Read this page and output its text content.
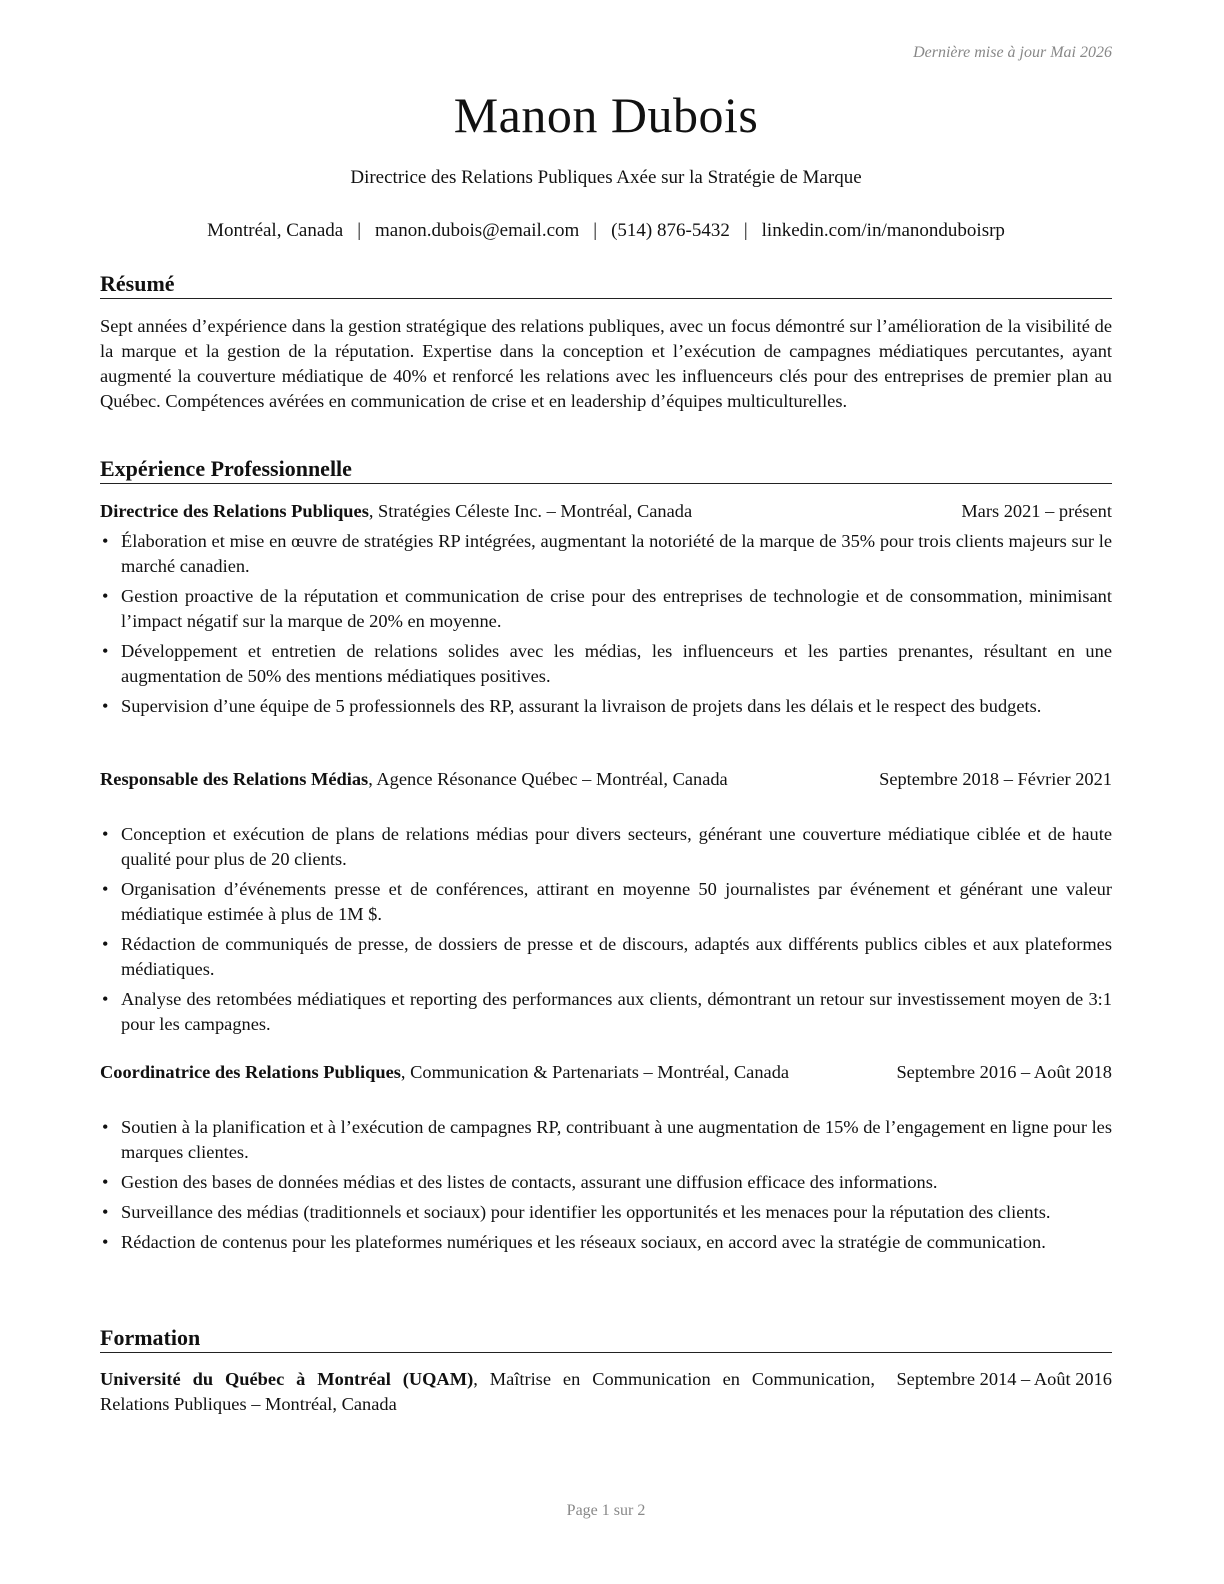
Dernière mise à jour Mai 2026
Manon Dubois
Directrice des Relations Publiques Axée sur la Stratégie de Marque
Montréal, Canada | manon.dubois@email.com | (514) 876-5432 | linkedin.com/in/manonduboisrp
Résumé
Sept années d’expérience dans la gestion stratégique des relations publiques, avec un focus démontré sur l’amélioration de la visibilité de la marque et la gestion de la réputation. Expertise dans la conception et l’exécution de campagnes médiatiques percutantes, ayant augmenté la couverture médiatique de 40% et renforcé les relations avec les influenceurs clés pour des entreprises de premier plan au Québec. Compétences avérées en communication de crise et en leadership d’équipes multiculturelles.
Expérience Professionnelle
Directrice des Relations Publiques, Stratégies Céleste Inc. – Montréal, Canada	Mars 2021 – présent
• Élaboration et mise en œuvre de stratégies RP intégrées, augmentant la notoriété de la marque de 35% pour trois clients majeurs sur le marché canadien.
• Gestion proactive de la réputation et communication de crise pour des entreprises de technologie et de consommation, minimisant l’impact négatif sur la marque de 20% en moyenne.
• Développement et entretien de relations solides avec les médias, les influenceurs et les parties prenantes, résultant en une augmentation de 50% des mentions médiatiques positives.
• Supervision d’une équipe de 5 professionnels des RP, assurant la livraison de projets dans les délais et le respect des budgets.
Responsable des Relations Médias, Agence Résonance Québec – Montréal, Canada	Septembre 2018 – Février 2021
• Conception et exécution de plans de relations médias pour divers secteurs, générant une couverture médiatique ciblée et de haute qualité pour plus de 20 clients.
• Organisation d’événements presse et de conférences, attirant en moyenne 50 journalistes par événement et générant une valeur médiatique estimée à plus de 1M $.
• Rédaction de communiqués de presse, de dossiers de presse et de discours, adaptés aux différents publics cibles et aux plateformes médiatiques.
• Analyse des retombées médiatiques et reporting des performances aux clients, démontrant un retour sur investissement moyen de 3:1 pour les campagnes.
Coordinatrice des Relations Publiques, Communication & Partenariats – Montréal, Canada	Septembre 2016 – Août 2018
• Soutien à la planification et à l’exécution de campagnes RP, contribuant à une augmentation de 15% de l’engagement en ligne pour les marques clientes.
• Gestion des bases de données médias et des listes de contacts, assurant une diffusion efficace des informations.
• Surveillance des médias (traditionnels et sociaux) pour identifier les opportunités et les menaces pour la réputation des clients.
• Rédaction de contenus pour les plateformes numériques et les réseaux sociaux, en accord avec la stratégie de communication.
Formation
Université du Québec à Montréal (UQAM), Maîtrise en Communication en Communication, Relations Publiques – Montréal, Canada
Septembre 2014 – Août 2016
Page 1 sur 2
